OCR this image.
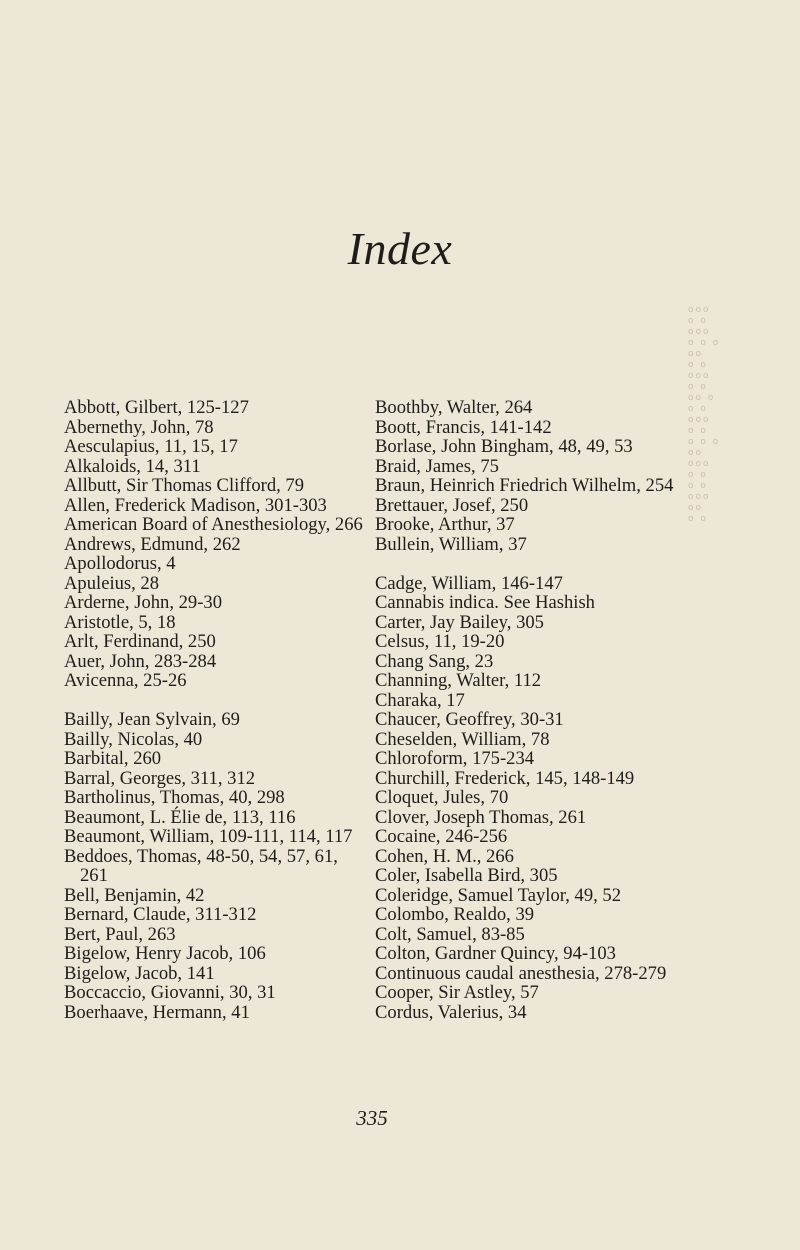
Index
ooo
o o
ooo
o o o
oo
o o
ooo
o o
oo o
o o
ooo
o o
o o o
oo
ooo
o o
o o
ooo
oo
o o
Abbott, Gilbert, 125-127
Abernethy, John, 78
Aesculapius, 11, 15, 17
Alkaloids, 14, 311
Allbutt, Sir Thomas Clifford, 79
Allen, Frederick Madison, 301-303
American Board of Anesthesiology, 266
Andrews, Edmund, 262
Apollodorus, 4
Apuleius, 28
Arderne, John, 29-30
Aristotle, 5, 18
Arlt, Ferdinand, 250
Auer, John, 283-284
Avicenna, 25-26
Bailly, Jean Sylvain, 69
Bailly, Nicolas, 40
Barbital, 260
Barral, Georges, 311, 312
Bartholinus, Thomas, 40, 298
Beaumont, L. Élie de, 113, 116
Beaumont, William, 109-111, 114, 117
Beddoes, Thomas, 48-50, 54, 57, 61, 261
Bell, Benjamin, 42
Bernard, Claude, 311-312
Bert, Paul, 263
Bigelow, Henry Jacob, 106
Bigelow, Jacob, 141
Boccaccio, Giovanni, 30, 31
Boerhaave, Hermann, 41
Boothby, Walter, 264
Boott, Francis, 141-142
Borlase, John Bingham, 48, 49, 53
Braid, James, 75
Braun, Heinrich Friedrich Wilhelm, 254
Brettauer, Josef, 250
Brooke, Arthur, 37
Bullein, William, 37
Cadge, William, 146-147
Cannabis indica. See Hashish
Carter, Jay Bailey, 305
Celsus, 11, 19-20
Chang Sang, 23
Channing, Walter, 112
Charaka, 17
Chaucer, Geoffrey, 30-31
Cheselden, William, 78
Chloroform, 175-234
Churchill, Frederick, 145, 148-149
Cloquet, Jules, 70
Clover, Joseph Thomas, 261
Cocaine, 246-256
Cohen, H. M., 266
Coler, Isabella Bird, 305
Coleridge, Samuel Taylor, 49, 52
Colombo, Realdo, 39
Colt, Samuel, 83-85
Colton, Gardner Quincy, 94-103
Continuous caudal anesthesia, 278-279
Cooper, Sir Astley, 57
Cordus, Valerius, 34
335
